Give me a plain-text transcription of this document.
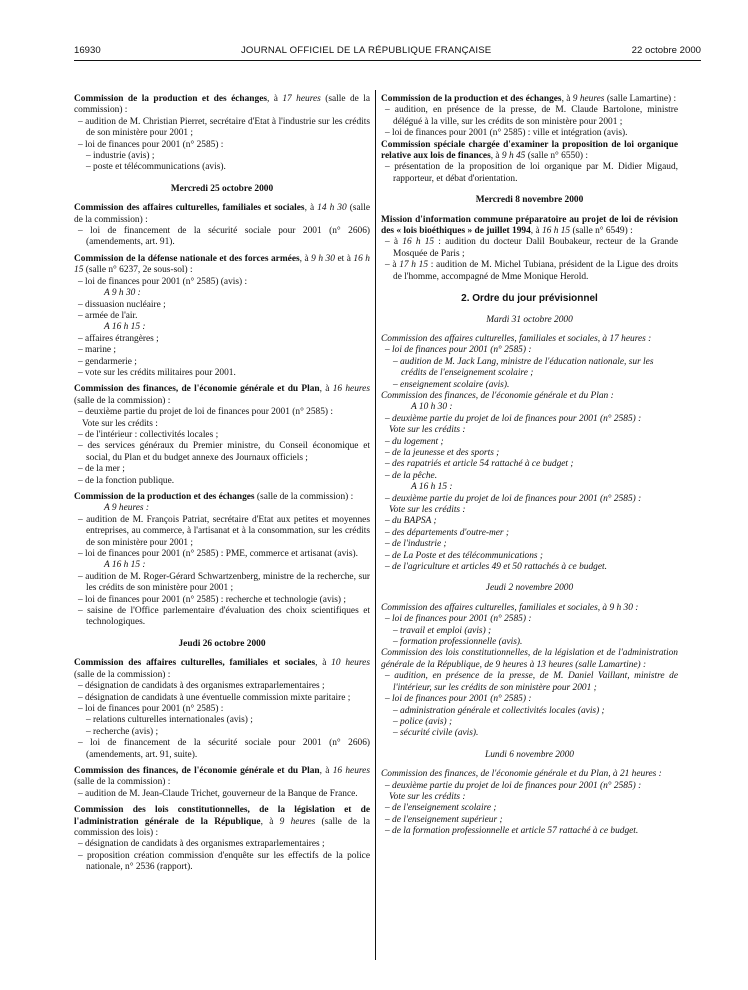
16930	JOURNAL OFFICIEL DE LA RÉPUBLIQUE FRANÇAISE	22 octobre 2000

Commission de la production et des échanges, à 17 heures (salle de la commission) :

– audition de M. Christian Pierret, secrétaire d'Etat à l'industrie sur les crédits de son ministère pour 2001 ;

– loi de finances pour 2001 (n° 2585) :

– industrie (avis) ;

– poste et télécommunications (avis).

Mercredi 25 octobre 2000

Commission des affaires culturelles, familiales et sociales, à 14 h 30 (salle de la commission) :

– loi de financement de la sécurité sociale pour 2001 (n° 2606) (amendements, art. 91).

Commission de la défense nationale et des forces armées, à 9 h 30 et à 16 h 15 (salle n° 6237, 2e sous-sol) :

– loi de finances pour 2001 (n° 2585) (avis) :

A 9 h 30 :

– dissuasion nucléaire ;

– armée de l'air.

A 16 h 15 :

– affaires étrangères ;

– marine ;

– gendarmerie ;

– vote sur les crédits militaires pour 2001.

Commission des finances, de l'économie générale et du Plan, à 16 heures (salle de la commission) :

– deuxième partie du projet de loi de finances pour 2001 (n° 2585) :

Vote sur les crédits :

– de l'intérieur : collectivités locales ;

– des services généraux du Premier ministre, du Conseil économique et social, du Plan et du budget annexe des Journaux officiels ;

– de la mer ;

– de la fonction publique.

Commission de la production et des échanges (salle de la commission) :

A 9 heures :

– audition de M. François Patriat, secrétaire d'Etat aux petites et moyennes entreprises, au commerce, à l'artisanat et à la consommation, sur les crédits de son ministère pour 2001 ;

– loi de finances pour 2001 (n° 2585) : PME, commerce et artisanat (avis).

A 16 h 15 :

– audition de M. Roger-Gérard Schwartzenberg, ministre de la recherche, sur les crédits de son ministère pour 2001 ;

– loi de finances pour 2001 (n° 2585) : recherche et technologie (avis) ;

– saisine de l'Office parlementaire d'évaluation des choix scientifiques et technologiques.

Jeudi 26 octobre 2000

Commission des affaires culturelles, familiales et sociales, à 10 heures (salle de la commission) :

– désignation de candidats à des organismes extraparlementaires ;

– désignation de candidats à une éventuelle commission mixte paritaire ;

– loi de finances pour 2001 (n° 2585) :

– relations culturelles internationales (avis) ;

– recherche (avis) ;

– loi de financement de la sécurité sociale pour 2001 (n° 2606) (amendements, art. 91, suite).

Commission des finances, de l'économie générale et du Plan, à 16 heures (salle de la commission) :

– audition de M. Jean-Claude Trichet, gouverneur de la Banque de France.

Commission des lois constitutionnelles, de la législation et de l'administration générale de la République, à 9 heures (salle de la commission des lois) :

– désignation de candidats à des organismes extraparlementaires ;

– proposition création commission d'enquête sur les effectifs de la police nationale, n° 2536 (rapport).

Commission de la production et des échanges, à 9 heures (salle Lamartine) :

– audition, en présence de la presse, de M. Claude Bartolone, ministre délégué à la ville, sur les crédits de son ministère pour 2001 ;

– loi de finances pour 2001 (n° 2585) : ville et intégration (avis).

Commission spéciale chargée d'examiner la proposition de loi organique relative aux lois de finances, à 9 h 45 (salle n° 6550) :

– présentation de la proposition de loi organique par M. Didier Migaud, rapporteur, et débat d'orientation.

Mercredi 8 novembre 2000

Mission d'information commune préparatoire au projet de loi de révision des « lois bioéthiques » de juillet 1994, à 16 h 15 (salle n° 6549) :

– à 16 h 15 : audition du docteur Dalil Boubakeur, recteur de la Grande Mosquée de Paris ;

– à 17 h 15 : audition de M. Michel Tubiana, président de la Ligue des droits de l'homme, accompagné de Mme Monique Herold.

2. Ordre du jour prévisionnel

Mardi 31 octobre 2000

Commission des affaires culturelles, familiales et sociales, à 17 heures :

– loi de finances pour 2001 (n° 2585) :

– audition de M. Jack Lang, ministre de l'éducation nationale, sur les crédits de l'enseignement scolaire ;

– enseignement scolaire (avis).

Commission des finances, de l'économie générale et du Plan :

A 10 h 30 :

– deuxième partie du projet de loi de finances pour 2001 (n° 2585) :

Vote sur les crédits :

– du logement ;

– de la jeunesse et des sports ;

– des rapatriés et article 54 rattaché à ce budget ;

– de la pêche.

A 16 h 15 :

– deuxième partie du projet de loi de finances pour 2001 (n° 2585) :

Vote sur les crédits :

– du BAPSA ;

– des départements d'outre-mer ;

– de l'industrie ;

– de La Poste et des télécommunications ;

– de l'agriculture et articles 49 et 50 rattachés à ce budget.

Jeudi 2 novembre 2000

Commission des affaires culturelles, familiales et sociales, à 9 h 30 :

– loi de finances pour 2001 (n° 2585) :

– travail et emploi (avis) ;

– formation professionnelle (avis).

Commission des lois constitutionnelles, de la législation et de l'administration générale de la République, de 9 heures à 13 heures (salle Lamartine) :

– audition, en présence de la presse, de M. Daniel Vaillant, ministre de l'intérieur, sur les crédits de son ministère pour 2001 ;

– loi de finances pour 2001 (n° 2585) :

– administration générale et collectivités locales (avis) ;

– police (avis) ;

– sécurité civile (avis).

Lundi 6 novembre 2000

Commission des finances, de l'économie générale et du Plan, à 21 heures :

– deuxième partie du projet de loi de finances pour 2001 (n° 2585) :

Vote sur les crédits :

– de l'enseignement scolaire ;

– de l'enseignement supérieur ;

– de la formation professionnelle et article 57 rattaché à ce budget.
